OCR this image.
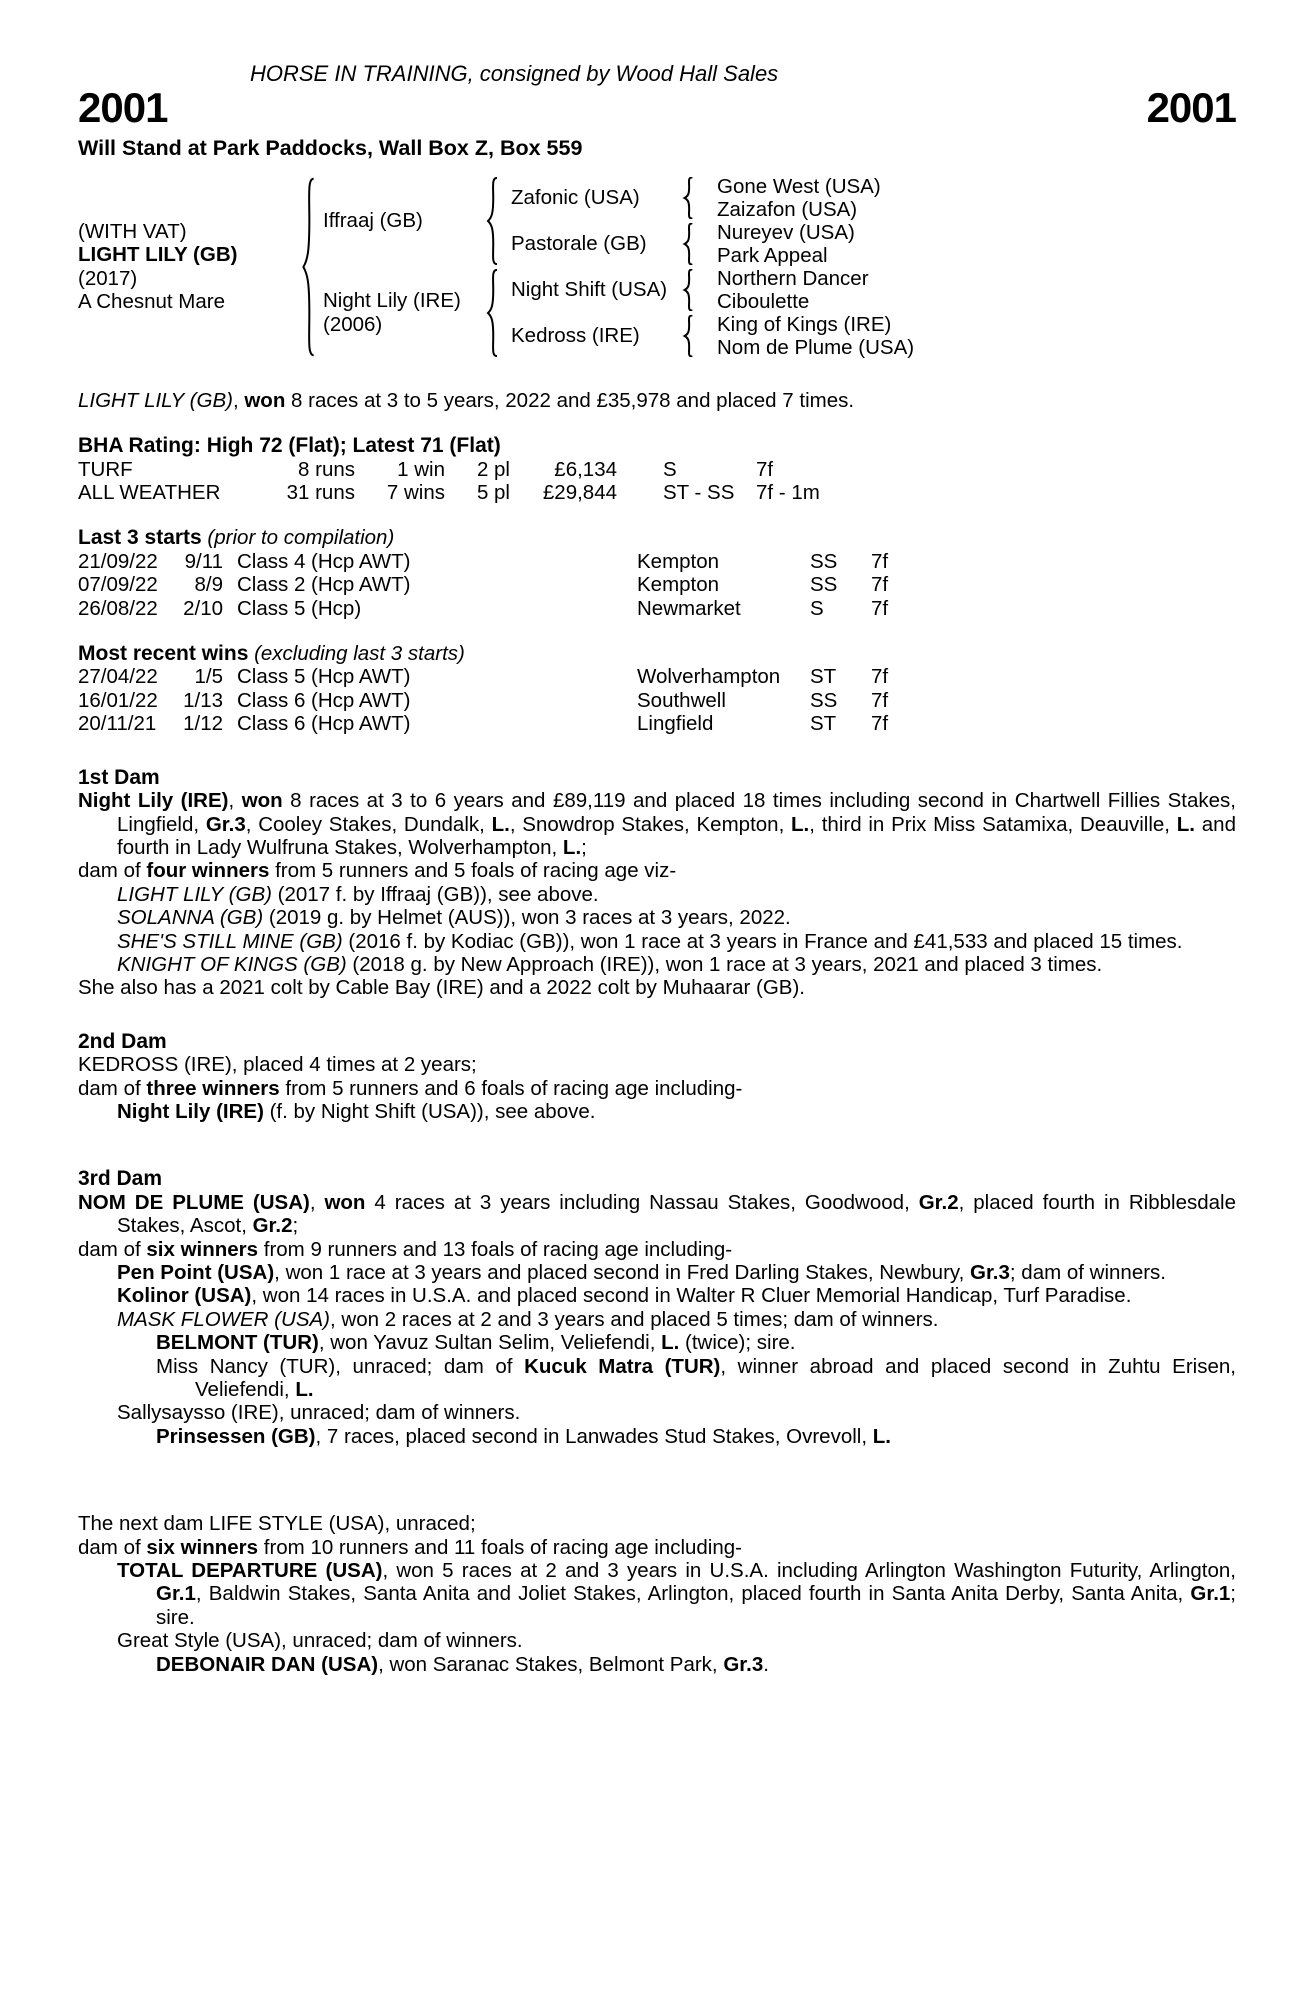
HORSE IN TRAINING, consigned by Wood Hall Sales
2001	2001
Will Stand at Park Paddocks, Wall Box Z, Box 559
(WITH VAT)
LIGHT LILY (GB)
(2017)
A Chesnut Mare
Iffraaj (GB)
Night Lily (IRE)
(2006)
Zafonic (USA)
Pastorale (GB)
Night Shift (USA)
Kedross (IRE)
Gone West (USA)
Zaizafon (USA)
Nureyev (USA)
Park Appeal
Northern Dancer
Ciboulette
King of Kings (IRE)
Nom de Plume (USA)
LIGHT LILY (GB), won 8 races at 3 to 5 years, 2022 and £35,978 and placed 7 times.
BHA Rating: High 72 (Flat); Latest 71 (Flat)
TURF	8 runs	1 win	2 pl	£6,134	S	7f
ALL WEATHER	31 runs	7 wins	5 pl	£29,844	ST - SS	7f - 1m
Last 3 starts (prior to compilation)
21/09/22	9/11 Class 4 (Hcp AWT)	Kempton	SS	7f
07/09/22	8/9 Class 2 (Hcp AWT)	Kempton	SS	7f
26/08/22	2/10 Class 5 (Hcp)	Newmarket	S	7f
Most recent wins (excluding last 3 starts)
27/04/22	1/5 Class 5 (Hcp AWT)	Wolverhampton	ST	7f
16/01/22	1/13 Class 6 (Hcp AWT)	Southwell	SS	7f
20/11/21	1/12 Class 6 (Hcp AWT)	Lingfield	ST	7f
1st Dam
Night Lily (IRE), won 8 races at 3 to 6 years and £89,119 and placed 18 times including second in Chartwell Fillies Stakes, Lingfield, Gr.3, Cooley Stakes, Dundalk, L., Snowdrop Stakes, Kempton, L., third in Prix Miss Satamixa, Deauville, L. and fourth in Lady Wulfruna Stakes, Wolverhampton, L.;
dam of four winners from 5 runners and 5 foals of racing age viz-
LIGHT LILY (GB) (2017 f. by Iffraaj (GB)), see above.
SOLANNA (GB) (2019 g. by Helmet (AUS)), won 3 races at 3 years, 2022.
SHE'S STILL MINE (GB) (2016 f. by Kodiac (GB)), won 1 race at 3 years in France and £41,533 and placed 15 times.
KNIGHT OF KINGS (GB) (2018 g. by New Approach (IRE)), won 1 race at 3 years, 2021 and placed 3 times.
She also has a 2021 colt by Cable Bay (IRE) and a 2022 colt by Muhaarar (GB).
2nd Dam
KEDROSS (IRE), placed 4 times at 2 years;
dam of three winners from 5 runners and 6 foals of racing age including-
Night Lily (IRE) (f. by Night Shift (USA)), see above.
3rd Dam
NOM DE PLUME (USA), won 4 races at 3 years including Nassau Stakes, Goodwood, Gr.2, placed fourth in Ribblesdale Stakes, Ascot, Gr.2;
dam of six winners from 9 runners and 13 foals of racing age including-
Pen Point (USA), won 1 race at 3 years and placed second in Fred Darling Stakes, Newbury, Gr.3; dam of winners.
Kolinor (USA), won 14 races in U.S.A. and placed second in Walter R Cluer Memorial Handicap, Turf Paradise.
MASK FLOWER (USA), won 2 races at 2 and 3 years and placed 5 times; dam of winners.
BELMONT (TUR), won Yavuz Sultan Selim, Veliefendi, L. (twice); sire.
Miss Nancy (TUR), unraced; dam of Kucuk Matra (TUR), winner abroad and placed second in Zuhtu Erisen, Veliefendi, L.
Sallysaysso (IRE), unraced; dam of winners.
Prinsessen (GB), 7 races, placed second in Lanwades Stud Stakes, Ovrevoll, L.
The next dam LIFE STYLE (USA), unraced;
dam of six winners from 10 runners and 11 foals of racing age including-
TOTAL DEPARTURE (USA), won 5 races at 2 and 3 years in U.S.A. including Arlington Washington Futurity, Arlington, Gr.1, Baldwin Stakes, Santa Anita and Joliet Stakes, Arlington, placed fourth in Santa Anita Derby, Santa Anita, Gr.1; sire.
Great Style (USA), unraced; dam of winners.
DEBONAIR DAN (USA), won Saranac Stakes, Belmont Park, Gr.3.
